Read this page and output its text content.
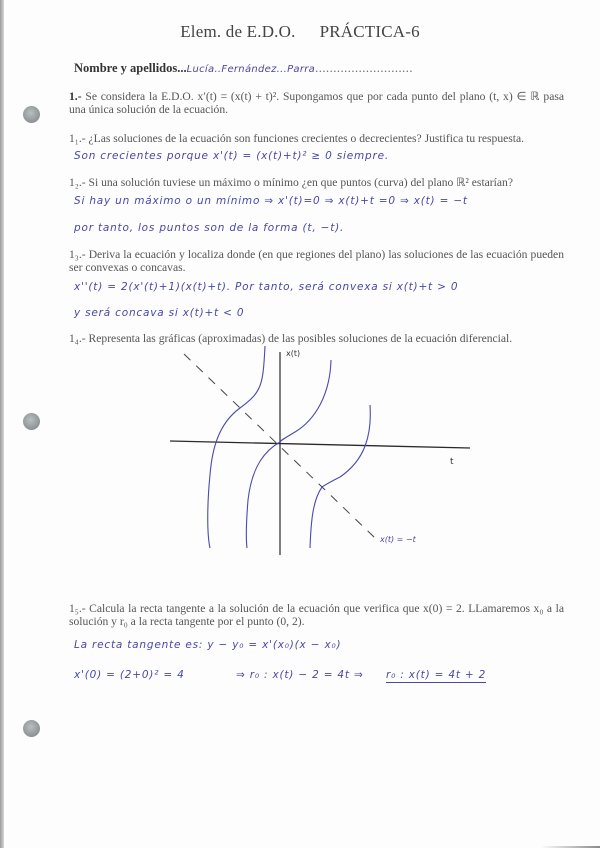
Elem. de E.D.O. PRÁCTICA-6
Nombre y apellidos...Lucía..Fernández...Parra...........................
1.- Se considera la E.D.O. x′(t) = (x(t) + t)². Supongamos que por cada punto del plano (t, x) ∈ ℝ pasa una única solución de la ecuación.
1₁.- ¿Las soluciones de la ecuación son funciones crecientes o decrecientes? Justifica tu respuesta.
Son crecientes porque x'(t) = (x(t)+t)² ≥ 0 siempre.
1₂.- Si una solución tuviese un máximo o mínimo ¿en que puntos (curva) del plano ℝ² estarían?
Si hay un máximo o un mínimo ⇒ x'(t)=0 ⇒ x(t)+t =0 ⇒ x(t) = −t
por tanto, los puntos son de la forma (t, −t).
1₃.- Deriva la ecuación y localiza donde (en que regiones del plano) las soluciones de las ecuación pueden ser convexas o concavas.
x''(t) = 2(x'(t)+1)(x(t)+t). Por tanto, será convexa si x(t)+t > 0
y será concava si x(t)+t < 0
1₄.- Representa las gráficas (aproximadas) de las posibles soluciones de la ecuación diferencial.
x(t)
t
x(t) = −t
1₅.- Calcula la recta tangente a la solución de la ecuación que verifica que x(0) = 2. LLamaremos x₀ a la solución y r₀ a la recta tangente por el punto (0, 2).
La recta tangente es: y − y₀ = x'(x₀)(x − x₀)
x'(0) = (2+0)² = 4	⇒ r₀ : x(t) − 2 = 4t ⇒ r₀ : x(t) = 4t + 2
